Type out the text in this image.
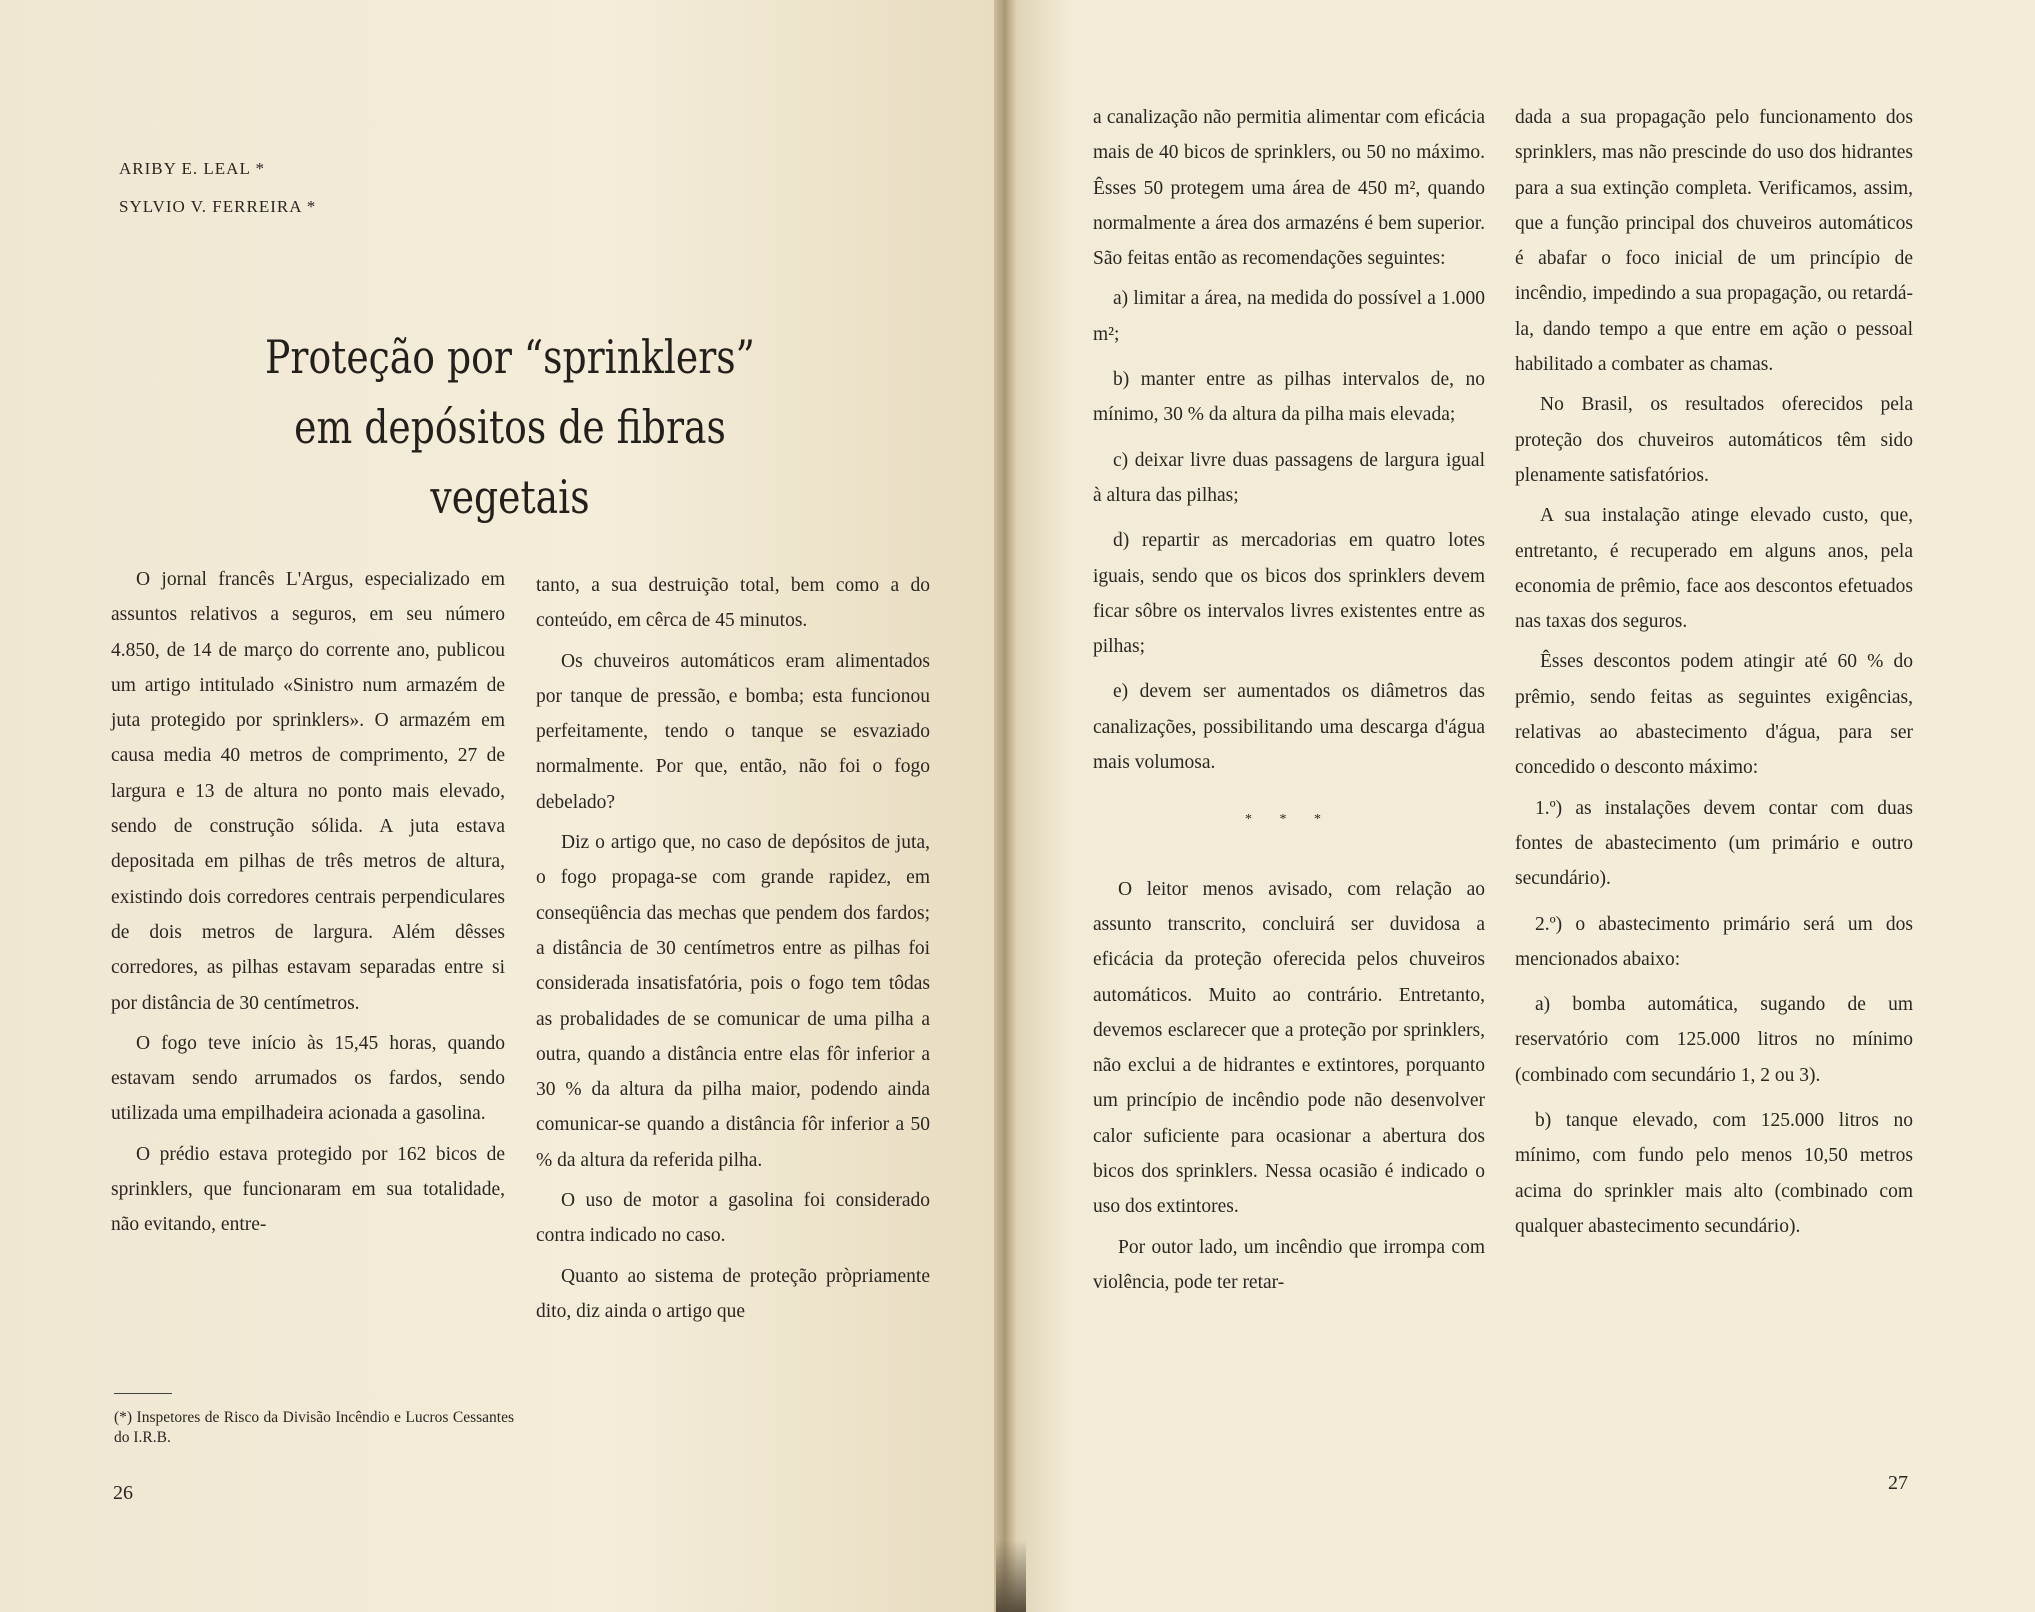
ARIBY E. LEAL *
SYLVIO V. FERREIRA *
Proteção por “sprinklers”
em depósitos de fibras vegetais

O jornal francês L'Argus, especializado em assuntos relativos a seguros, em seu número 4.850, de 14 de março do corrente ano, publicou um artigo intitulado «Sinistro num armazém de juta protegido por sprinklers». O armazém em causa media 40 metros de comprimento, 27 de largura e 13 de altura no ponto mais elevado, sendo de construção sólida. A juta estava depositada em pilhas de três metros de altura, existindo dois corredores centrais perpendiculares de dois metros de largura. Além dêsses corredores, as pilhas estavam separadas entre si por distância de 30 centímetros.

O fogo teve início às 15,45 horas, quando estavam sendo arrumados os fardos, sendo utilizada uma empilhadeira acionada a gasolina.

O prédio estava protegido por 162 bicos de sprinklers, que funcionaram em sua totalidade, não evitando, entre-

tanto, a sua destruição total, bem como a do conteúdo, em cêrca de 45 minutos.

Os chuveiros automáticos eram alimentados por tanque de pressão, e bomba; esta funcionou perfeitamente, tendo o tanque se esvaziado normalmente. Por que, então, não foi o fogo debelado?

Diz o artigo que, no caso de depósitos de juta, o fogo propaga-se com grande rapidez, em conseqüência das mechas que pendem dos fardos; a distância de 30 centímetros entre as pilhas foi considerada insatisfatória, pois o fogo tem tôdas as probalidades de se comunicar de uma pilha a outra, quando a distância entre elas fôr inferior a 30 % da altura da pilha maior, podendo ainda comunicar-se quando a distância fôr inferior a 50 % da altura da referida pilha.

O uso de motor a gasolina foi considerado contra indicado no caso.

Quanto ao sistema de proteção pròpriamente dito, diz ainda o artigo que

(*) Inspetores de Risco da Divisão Incêndio e Lucros Cessantes do I.R.B.
26

a canalização não permitia alimentar com eficácia mais de 40 bicos de sprinklers, ou 50 no máximo. Êsses 50 protegem uma área de 450 m², quando normalmente a área dos armazéns é bem superior. São feitas então as recomendações seguintes:

a) limitar a área, na medida do possível a 1.000 m²;

b) manter entre as pilhas intervalos de, no mínimo, 30 % da altura da pilha mais elevada;

c) deixar livre duas passagens de largura igual à altura das pilhas;

d) repartir as mercadorias em quatro lotes iguais, sendo que os bicos dos sprinklers devem ficar sôbre os intervalos livres existentes entre as pilhas;

e) devem ser aumentados os diâmetros das canalizações, possibilitando uma descarga d'água mais volumosa.

* * *

O leitor menos avisado, com relação ao assunto transcrito, concluirá ser duvidosa a eficácia da proteção oferecida pelos chuveiros automáticos. Muito ao contrário. Entretanto, devemos esclarecer que a proteção por sprinklers, não exclui a de hidrantes e extintores, porquanto um princípio de incêndio pode não desenvolver calor suficiente para ocasionar a abertura dos bicos dos sprinklers. Nessa ocasião é indicado o uso dos extintores.

Por outor lado, um incêndio que irrompa com violência, pode ter retar-

dada a sua propagação pelo funcionamento dos sprinklers, mas não prescinde do uso dos hidrantes para a sua extinção completa. Verificamos, assim, que a função principal dos chuveiros automáticos é abafar o foco inicial de um princípio de incêndio, impedindo a sua propagação, ou retardá-la, dando tempo a que entre em ação o pessoal habilitado a combater as chamas.

No Brasil, os resultados oferecidos pela proteção dos chuveiros automáticos têm sido plenamente satisfatórios.

A sua instalação atinge elevado custo, que, entretanto, é recuperado em alguns anos, pela economia de prêmio, face aos descontos efetuados nas taxas dos seguros.

Êsses descontos podem atingir até 60 % do prêmio, sendo feitas as seguintes exigências, relativas ao abastecimento d'água, para ser concedido o desconto máximo:

1.º) as instalações devem contar com duas fontes de abastecimento (um primário e outro secundário).

2.º) o abastecimento primário será um dos mencionados abaixo:

a) bomba automática, sugando de um reservatório com 125.000 litros no mínimo (combinado com secundário 1, 2 ou 3).

b) tanque elevado, com 125.000 litros no mínimo, com fundo pelo menos 10,50 metros acima do sprinkler mais alto (combinado com qualquer abastecimento secundário).

27
